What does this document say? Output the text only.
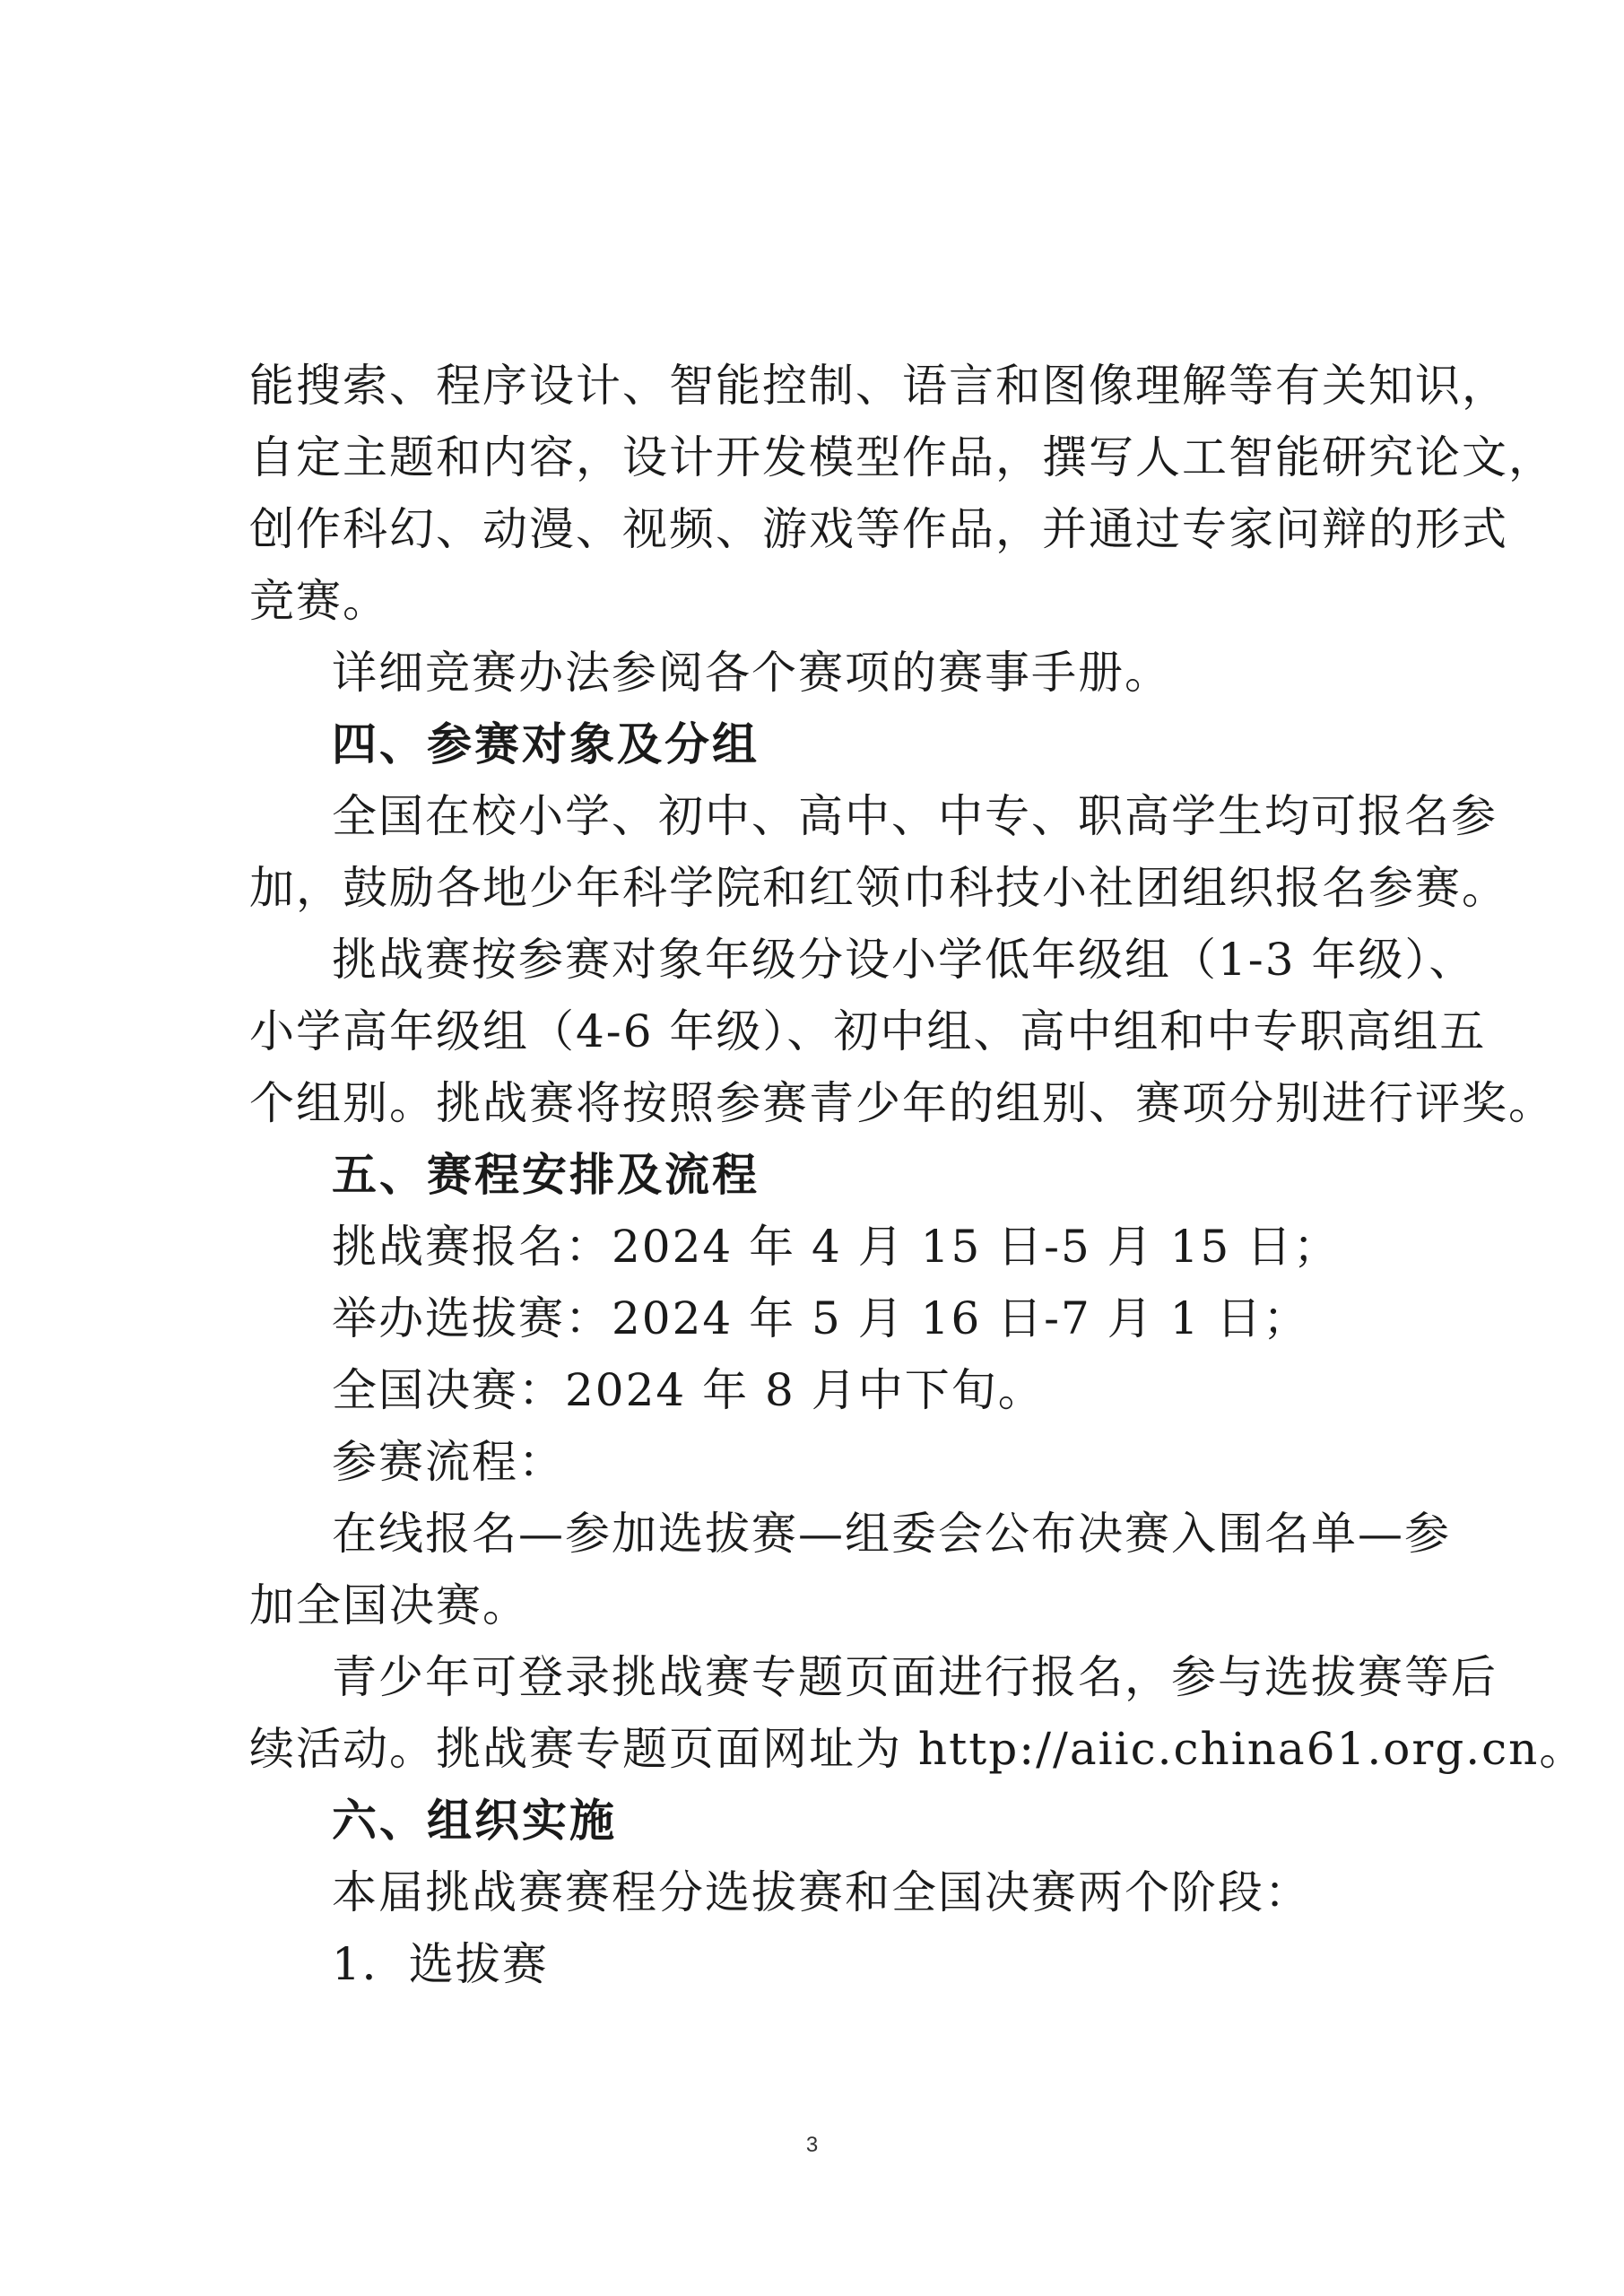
能搜索、程序设计、智能控制、语言和图像理解等有关知识，
自定主题和内容，设计开发模型作品，撰写人工智能研究论文，
创作科幻、动漫、视频、游戏等作品，并通过专家问辩的形式
竞赛。
详细竞赛办法参阅各个赛项的赛事手册。
四、参赛对象及分组
全国在校小学、初中、高中、中专、职高学生均可报名参
加，鼓励各地少年科学院和红领巾科技小社团组织报名参赛。
挑战赛按参赛对象年级分设小学低年级组（1-3 年级）、
小学高年级组（4-6 年级）、初中组、高中组和中专职高组五
个组别。挑战赛将按照参赛青少年的组别、赛项分别进行评奖。
五、赛程安排及流程
挑战赛报名：2024 年 4 月 15 日-5 月 15 日；
举办选拔赛：2024 年 5 月 16 日-7 月 1 日；
全国决赛：2024 年 8 月中下旬。
参赛流程：
在线报名—参加选拔赛—组委会公布决赛入围名单—参
加全国决赛。
青少年可登录挑战赛专题页面进行报名，参与选拔赛等后
续活动。挑战赛专题页面网址为 http://aiic.china61.org.cn。
六、组织实施
本届挑战赛赛程分选拔赛和全国决赛两个阶段：
1．选拔赛
3
